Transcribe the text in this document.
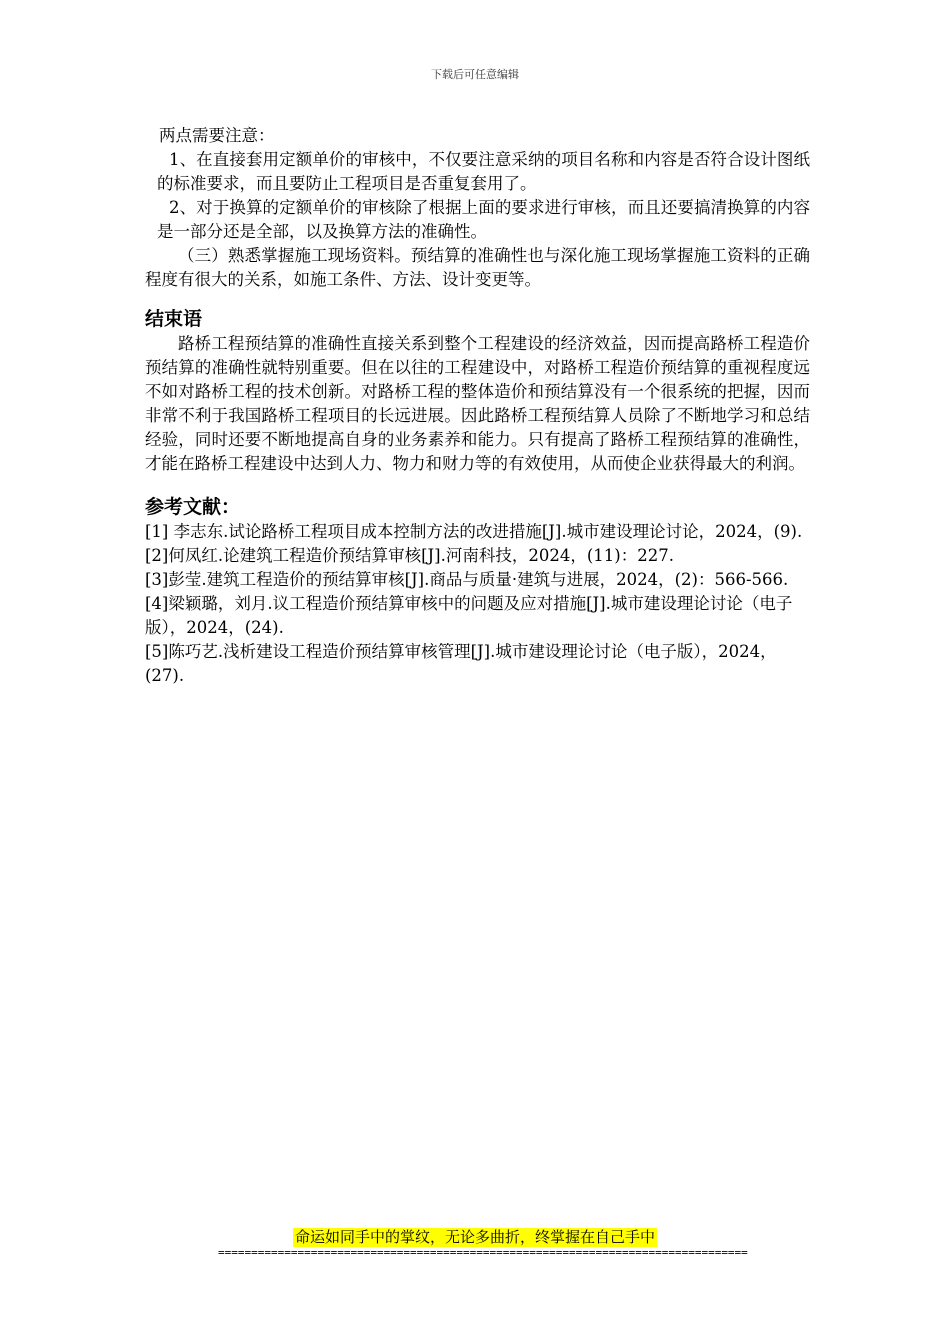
下载后可任意编辑

两点需要注意：

1、在直接套用定额单价的审核中，不仅要注意采纳的项目名称和内容是否符合设计图纸的标准要求，而且要防止工程项目是否重复套用了。

2、对于换算的定额单价的审核除了根据上面的要求进行审核，而且还要搞清换算的内容是一部分还是全部，以及换算方法的准确性。

（三）熟悉掌握施工现场资料。预结算的准确性也与深化施工现场掌握施工资料的正确程度有很大的关系，如施工条件、方法、设计变更等。

结束语

路桥工程预结算的准确性直接关系到整个工程建设的经济效益，因而提高路桥工程造价预结算的准确性就特别重要。但在以往的工程建设中，对路桥工程造价预结算的重视程度远不如对路桥工程的技术创新。对路桥工程的整体造价和预结算没有一个很系统的把握，因而非常不利于我国路桥工程项目的长远进展。因此路桥工程预结算人员除了不断地学习和总结经验，同时还要不断地提高自身的业务素养和能力。只有提高了路桥工程预结算的准确性，才能在路桥工程建设中达到人力、物力和财力等的有效使用，从而使企业获得最大的利润。

参考文献：

[1] 李志东.试论路桥工程项目成本控制方法的改进措施[J].城市建设理论讨论，2024，(9).

[2]何凤红.论建筑工程造价预结算审核[J].河南科技，2024，(11)：227.

[3]彭莹.建筑工程造价的预结算审核[J].商品与质量·建筑与进展，2024，(2)：566-566.

[4]梁颖璐，刘月.议工程造价预结算审核中的问题及应对措施[J].城市建设理论讨论（电子版），2024，(24).

[5]陈巧艺.浅析建设工程造价预结算审核管理[J].城市建设理论讨论（电子版），2024，(27).

命运如同手中的掌纹，无论多曲折，终掌握在自己手中
================================================================================
